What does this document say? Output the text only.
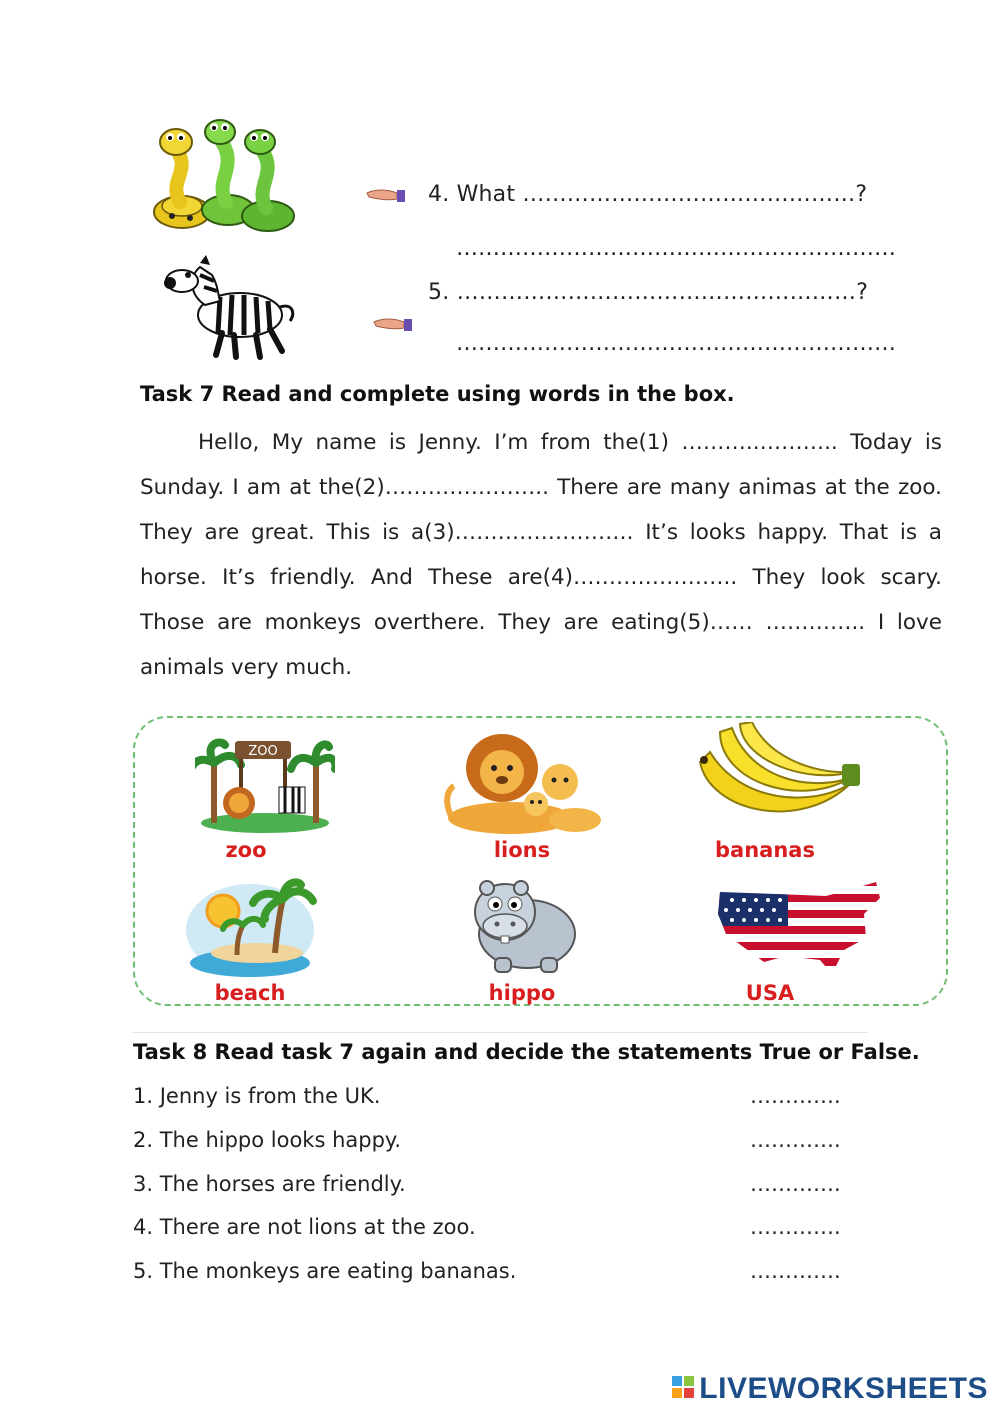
4. What ………………………………………?
……………………………………………………
5. ………………………………………………?
……………………………………………………
Task 7 Read and complete using words in the box.
Hello, My name is Jenny. I’m from the(1) ………..……….. Today is Sunday. I am at the(2)………………….. There are many animas at the zoo. They are great. This is a(3)……………………. It’s looks happy. That is a horse. It’s friendly. And These are(4)………………….. They look scary. Those are monkeys overthere. They are eating(5)…… ………….. I love animals very much.
ZOO
zoo	lions	bananas
beach	hippo	USA
Task 8 Read task 7 again and decide the statements True or False.
1. Jenny is from the UK.	………….
2. The hippo looks happy.	………….
3. The horses are friendly.	………….
4. There are not lions at the zoo.	………….
5. The monkeys are eating bananas.	………….
LIVEWORKSHEETS
